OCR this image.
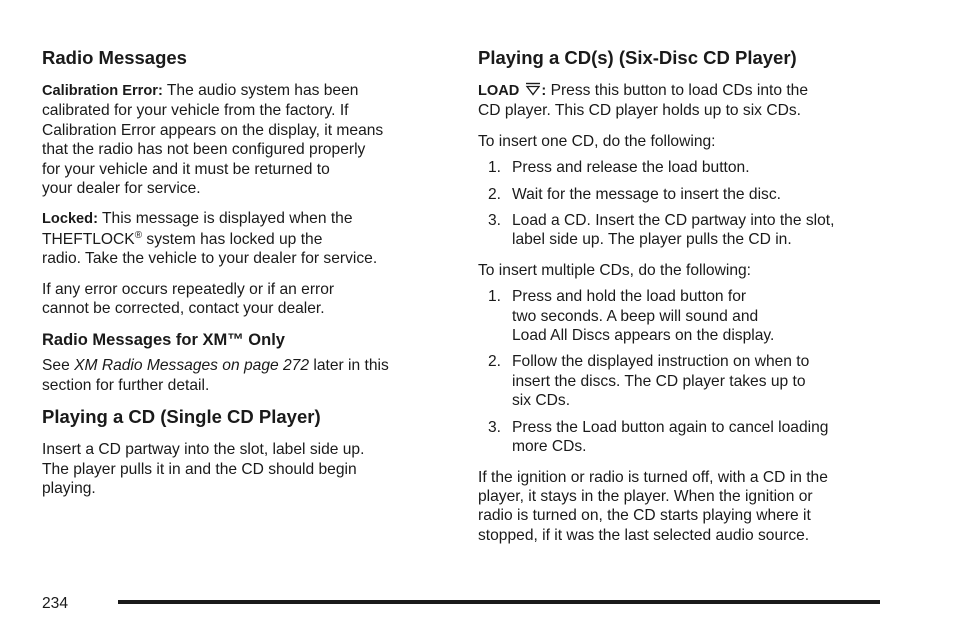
Radio Messages
Calibration Error: The audio system has been
calibrated for your vehicle from the factory. If
Calibration Error appears on the display, it means
that the radio has not been configured properly
for your vehicle and it must be returned to
your dealer for service.
Locked: This message is displayed when the
THEFTLOCK® system has locked up the
radio. Take the vehicle to your dealer for service.
If any error occurs repeatedly or if an error
cannot be corrected, contact your dealer.
Radio Messages for XM™ Only
See XM Radio Messages on page 272 later in this
section for further detail.
Playing a CD (Single CD Player)
Insert a CD partway into the slot, label side up.
The player pulls it in and the CD should begin
playing.
Playing a CD(s) (Six-Disc CD Player)
LOAD : Press this button to load CDs into the
CD player. This CD player holds up to six CDs.
To insert one CD, do the following:
1. Press and release the load button.
2. Wait for the message to insert the disc.
3. Load a CD. Insert the CD partway into the slot,
label side up. The player pulls the CD in.
To insert multiple CDs, do the following:
1. Press and hold the load button for
two seconds. A beep will sound and
Load All Discs appears on the display.
2. Follow the displayed instruction on when to
insert the discs. The CD player takes up to
six CDs.
3. Press the Load button again to cancel loading
more CDs.
If the ignition or radio is turned off, with a CD in the
player, it stays in the player. When the ignition or
radio is turned on, the CD starts playing where it
stopped, if it was the last selected audio source.
234
